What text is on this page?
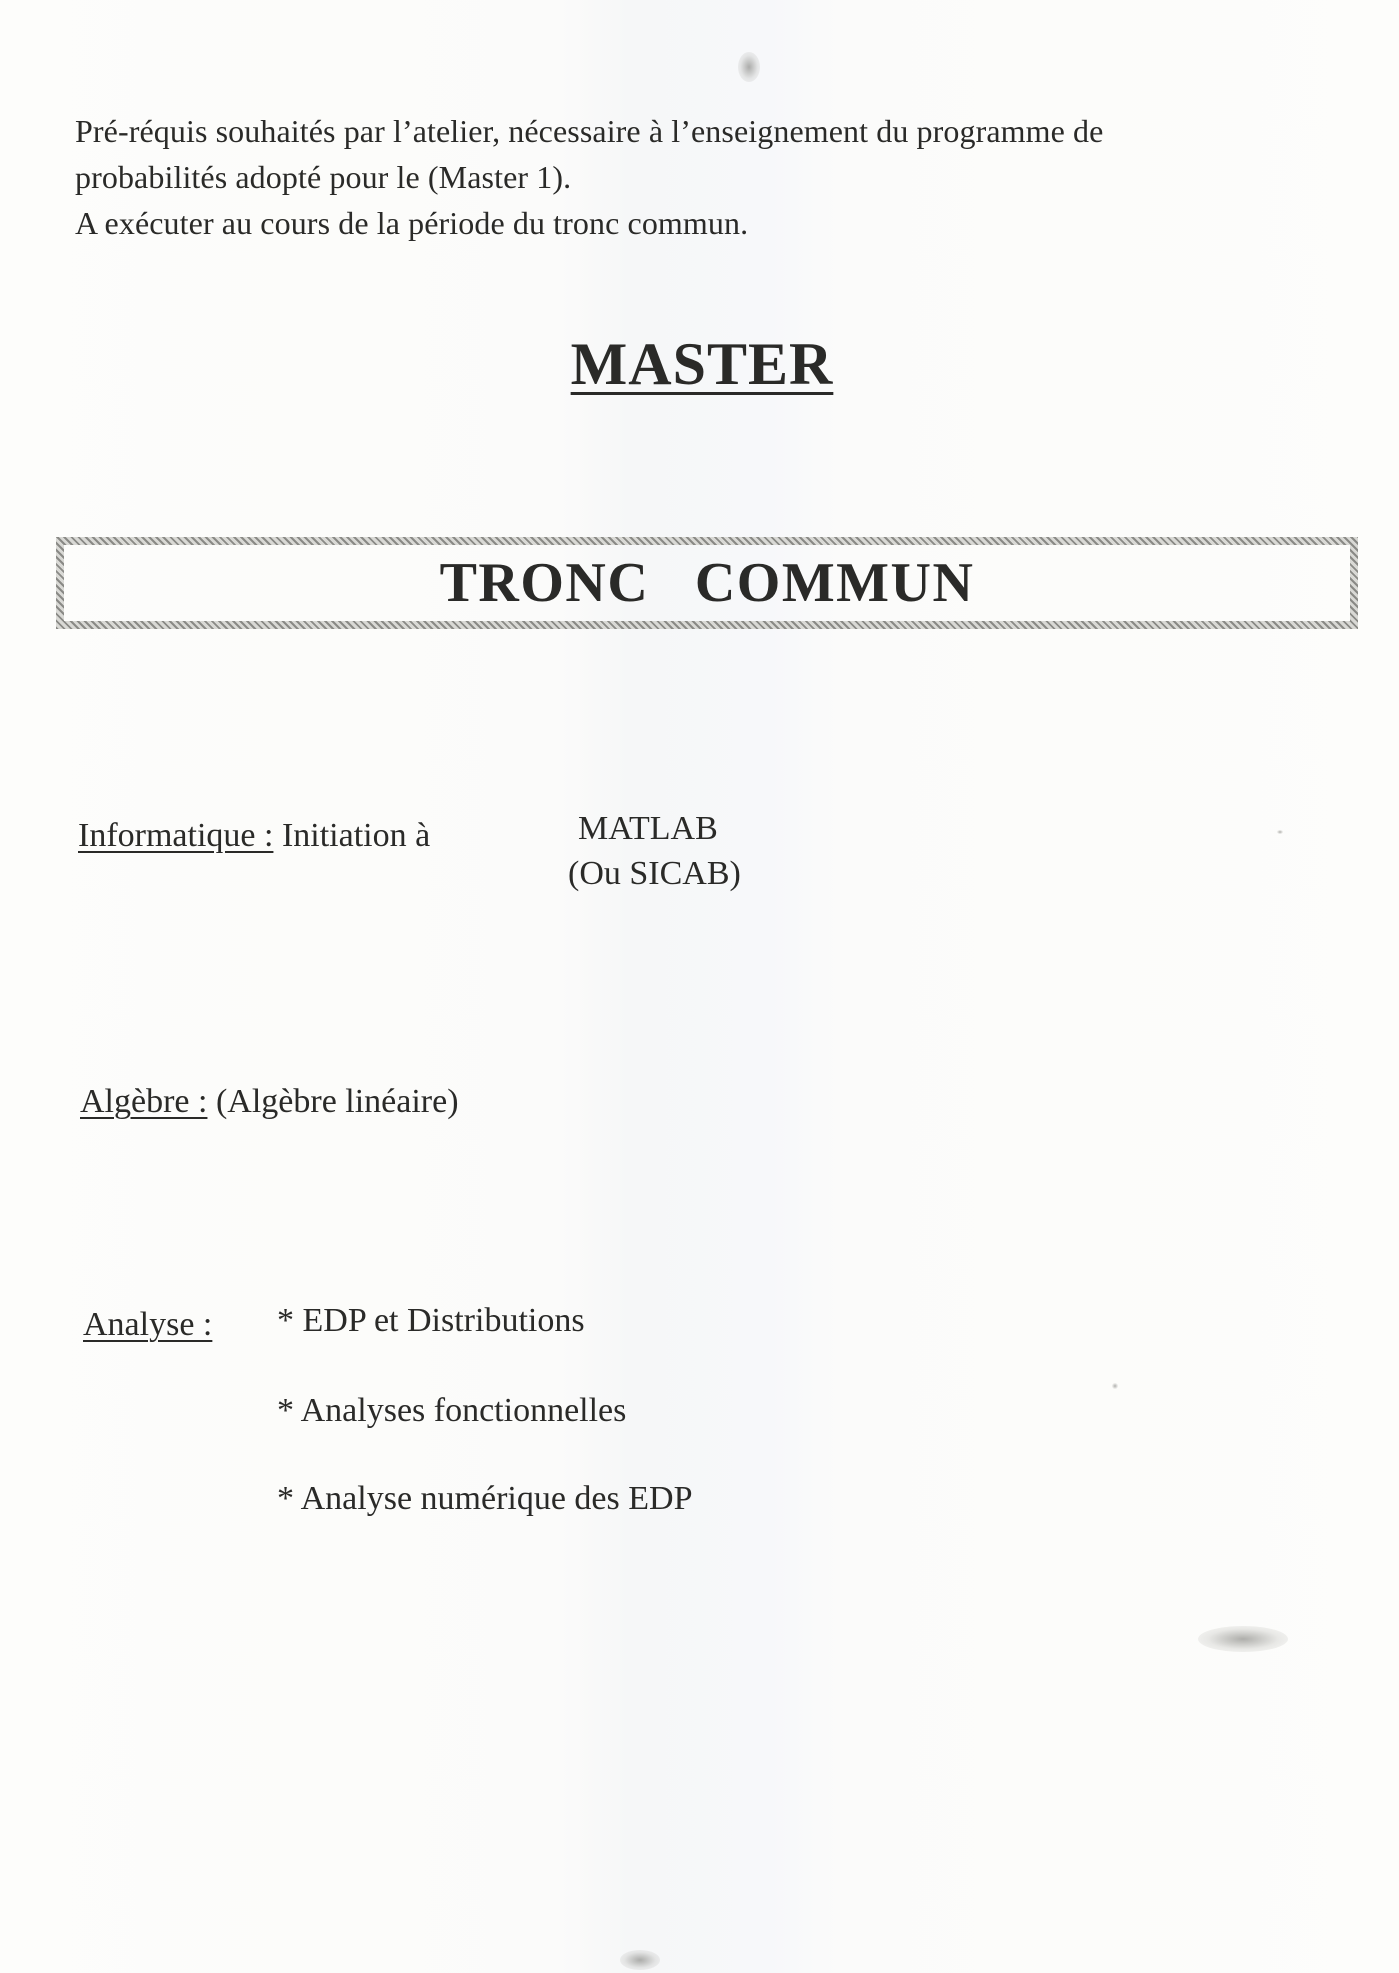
Pré-réquis souhaités par l’atelier, nécessaire à l’enseignement du programme de

probabilités adopté pour le (Master 1).

A exécuter au cours de la période du tronc commun.

MASTER
TRONC COMMUN
Informatique : Initiation à	MATLAB
(Ou SICAB)
Algèbre : (Algèbre linéaire)
Analyse : * EDP et Distributions
* Analyses fonctionnelles
* Analyse numérique des EDP
